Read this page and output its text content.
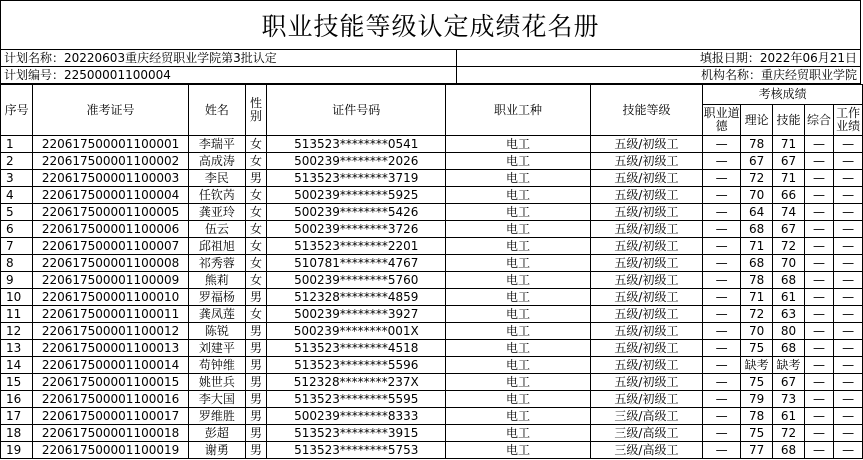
职业技能等级认定成绩花名册
计划名称：20220603重庆经贸职业学院第3批认定	填报日期：2022年06月21日
计划编号：22500001100004	机构名称：重庆经贸职业学院
序号	准考证号	姓名	性别	证件号码	职业工种	技能等级	考核成绩				
							职业道德	理论	技能	综合	工作业绩
1	220617500001100001	李瑞平	女	513523********0541	电工	五级/初级工	—	78	71	—	—
2	220617500001100002	高成涛	女	500239********2026	电工	五级/初级工	—	67	67	—	—
3	220617500001100003	李民	男	513523********3719	电工	五级/初级工	—	72	71	—	—
4	220617500001100004	任钦芮	女	500239********5925	电工	五级/初级工	—	70	66	—	—
5	220617500001100005	龚亚玲	女	500239********5426	电工	五级/初级工	—	64	74	—	—
6	220617500001100006	伍云	女	500239********3726	电工	五级/初级工	—	68	67	—	—
7	220617500001100007	邱祖旭	女	513523********2201	电工	五级/初级工	—	71	72	—	—
8	220617500001100008	祁秀蓉	女	510781********4767	电工	五级/初级工	—	68	70	—	—
9	220617500001100009	熊莉	女	500239********5760	电工	五级/初级工	—	78	68	—	—
10	220617500001100010	罗福杨	男	512328********4859	电工	五级/初级工	—	71	61	—	—
11	220617500001100011	龚凤莲	女	500239********3927	电工	五级/初级工	—	72	63	—	—
12	220617500001100012	陈锐	男	500239********001X	电工	五级/初级工	—	70	80	—	—
13	220617500001100013	刘建平	男	513523********4518	电工	五级/初级工	—	75	68	—	—
14	220617500001100014	苟钟维	男	513523********5596	电工	五级/初级工	—	缺考	缺考	—	—
15	220617500001100015	姚世兵	男	512328********237X	电工	五级/初级工	—	75	67	—	—
16	220617500001100016	李大国	男	513523********5595	电工	五级/初级工	—	79	73	—	—
17	220617500001100017	罗维胜	男	500239********8333	电工	三级/高级工	—	78	61	—	—
18	220617500001100018	彭超	男	513523********3915	电工	三级/高级工	—	75	72	—	—
19	220617500001100019	谢勇	男	513523********5753	电工	三级/高级工	—	77	68	—	—
